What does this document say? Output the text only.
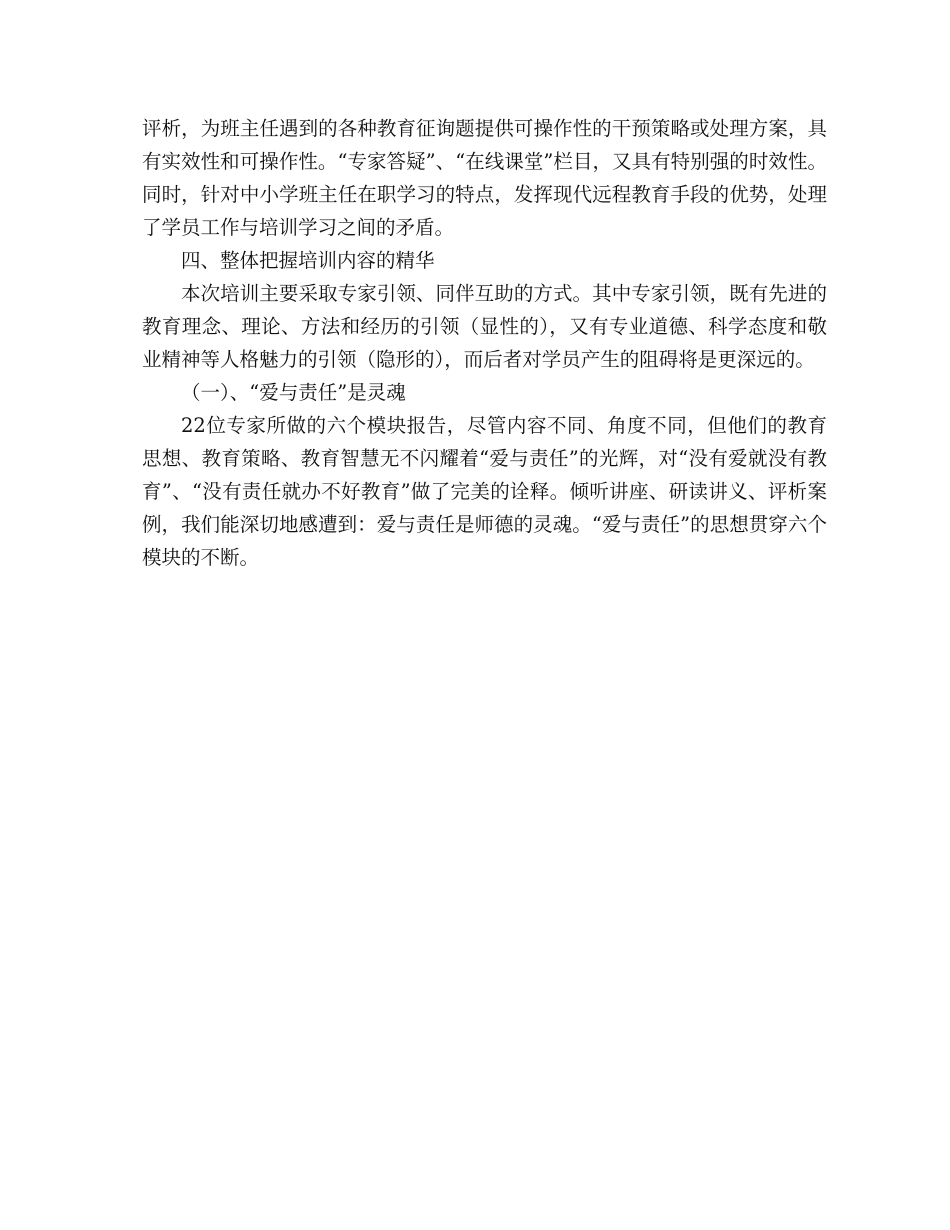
评析，为班主任遇到的各种教育征询题提供可操作性的干预策略或处理方案，具有实效性和可操作性。“专家答疑”、“在线课堂”栏目，又具有特别强的时效性。同时，针对中小学班主任在职学习的特点，发挥现代远程教育手段的优势，处理了学员工作与培训学习之间的矛盾。

四、整体把握培训内容的精华

本次培训主要采取专家引领、同伴互助的方式。其中专家引领，既有先进的教育理念、理论、方法和经历的引领（显性的），又有专业道德、科学态度和敬业精神等人格魅力的引领（隐形的），而后者对学员产生的阻碍将是更深远的。

（一）、“爱与责任”是灵魂

22位专家所做的六个模块报告，尽管内容不同、角度不同，但他们的教育思想、教育策略、教育智慧无不闪耀着“爱与责任”的光辉，对“没有爱就没有教育”、“没有责任就办不好教育”做了完美的诠释。倾听讲座、研读讲义、评析案例，我们能深切地感遭到：爱与责任是师德的灵魂。“爱与责任”的思想贯穿六个模块的不断。
